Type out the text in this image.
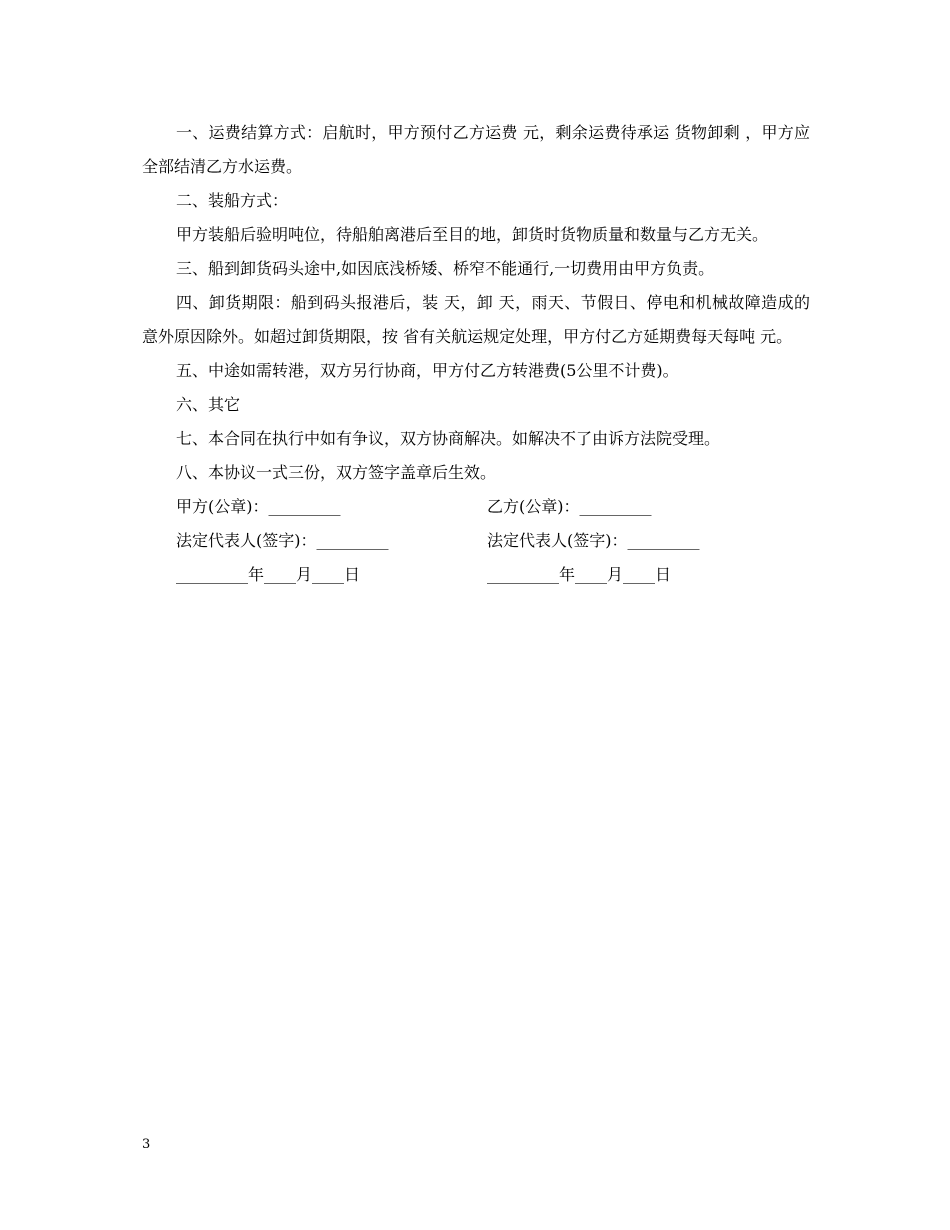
一、运费结算方式：启航时，甲方预付乙方运费 元，剩余运费待承运 货物卸剩 ，甲方应全部结清乙方水运费。

二、装船方式：

甲方装船后验明吨位，待船舶离港后至目的地，卸货时货物质量和数量与乙方无关。

三、船到卸货码头途中,如因底浅桥矮、桥窄不能通行,一切费用由甲方负责。

四、卸货期限：船到码头报港后，装 天，卸 天，雨天、节假日、停电和机械故障造成的意外原因除外。如超过卸货期限，按 省有关航运规定处理，甲方付乙方延期费每天每吨 元。

五、中途如需转港，双方另行协商，甲方付乙方转港费(5公里不计费)。

六、其它

七、本合同在执行中如有争议，双方协商解决。如解决不了由诉方法院受理。

八、本协议一式三份，双方签字盖章后生效。

甲方(公章)：_________	乙方(公章)：_________
法定代表人(签字)：_________	法定代表人(签字)：_________
_________年____月____日	_________年____月____日
3
